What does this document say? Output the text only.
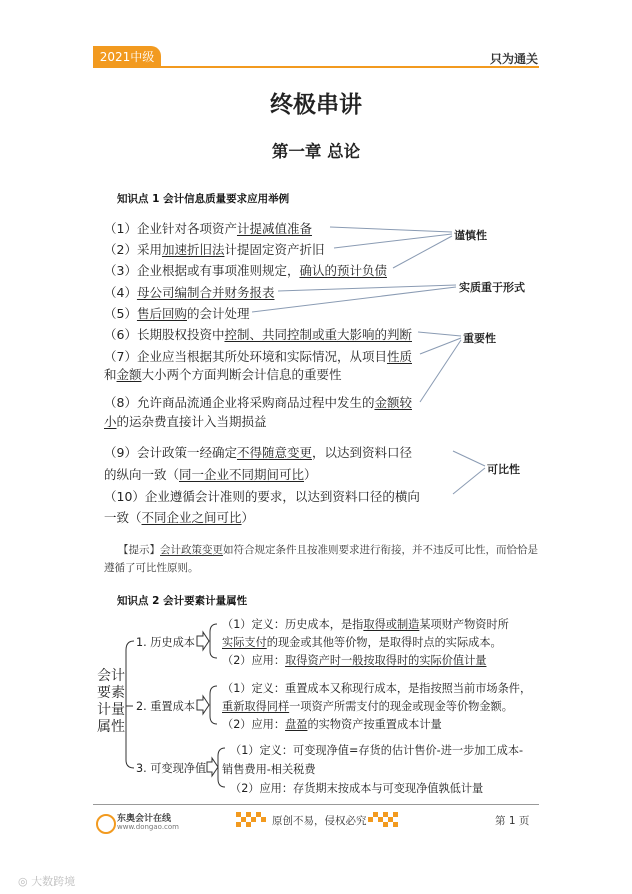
2021中级	只为通关
终极串讲
第一章 总论
知识点 1 会计信息质量要求应用举例
（1）企业针对各项资产计提减值准备
（2）采用加速折旧法计提固定资产折旧
（3）企业根据或有事项准则规定，确认的预计负债
（4）母公司编制合并财务报表
（5）售后回购的会计处理
（6）长期股权投资中控制、共同控制或重大影响的判断
（7）企业应当根据其所处环境和实际情况，从项目性质
和金额大小两个方面判断会计信息的重要性
（8）允许商品流通企业将采购商品过程中发生的金额较
小的运杂费直接计入当期损益
（9）会计政策一经确定不得随意变更，以达到资料口径
的纵向一致（同一企业不同期间可比）
（10）企业遵循会计准则的要求，以达到资料口径的横向
一致（不同企业之间可比）
谨慎性
实质重于形式
重要性
可比性
【提示】会计政策变更如符合规定条件且按准则要求进行衔接，并不违反可比性，而恰恰是遵循了可比性原则。
知识点 2 会计要素计量属性
会计
要素
计量
属性
1. 历史成本
（1）定义：历史成本，是指取得或制造某项财产物资时所
实际支付的现金或其他等价物，是取得时点的实际成本。
（2）应用：取得资产时一般按取得时的实际价值计量
2. 重置成本
（1）定义：重置成本又称现行成本，是指按照当前市场条件，
重新取得同样一项资产所需支付的现金或现金等价物金额。
（2）应用：盘盈的实物资产按重置成本计量
3. 可变现净值
（1）定义：可变现净值=存货的估计售价-进一步加工成本-
销售费用-相关税费
（2）应用：存货期末按成本与可变现净值孰低计量
东奥会计在线
www.dongao.com	原创不易，侵权必究	第 1 页
◎ 大数跨境
